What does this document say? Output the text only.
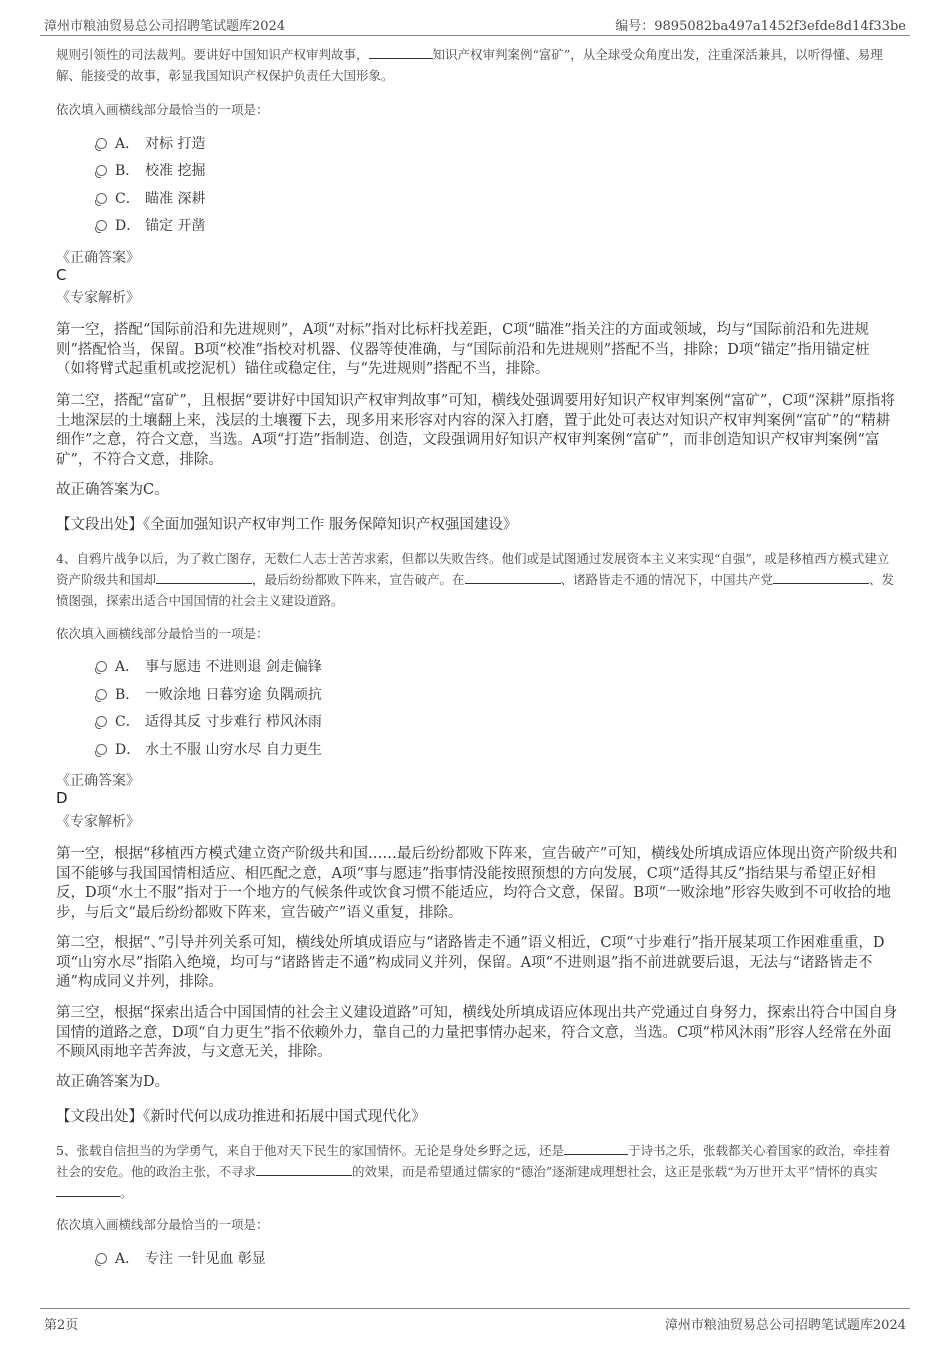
漳州市粮油贸易总公司招聘笔试题库2024	编号：9895082ba497a1452f3efde8d14f33be
规则引领性的司法裁判。要讲好中国知识产权审判故事，	知识产权审判案例“富矿”，从全球受众角度出发，注重深活兼具，以听得懂、易理解、能接受的故事，彰显我国知识产权保护负责任大国形象。
依次填入画横线部分最恰当的一项是：
A． 对标 打造
B． 校准 挖掘
C． 瞄准 深耕
D． 锚定 开凿
《正确答案》
C
《专家解析》
第一空，搭配“国际前沿和先进规则”，A项“对标”指对比标杆找差距，C项“瞄准”指关注的方面或领域，均与“国际前沿和先进规则”搭配恰当，保留。B项“校准”指校对机器、仪器等使准确，与“国际前沿和先进规则”搭配不当，排除；D项“锚定”指用锚定桩（如将臂式起重机或挖泥机）锚住或稳定住，与“先进规则”搭配不当，排除。
第二空，搭配“富矿”，且根据“要讲好中国知识产权审判故事”可知，横线处强调要用好知识产权审判案例“富矿”，C项“深耕”原指将土地深层的土壤翻上来，浅层的土壤覆下去，现多用来形容对内容的深入打磨，置于此处可表达对知识产权审判案例“富矿”的“精耕细作”之意，符合文意，当选。A项“打造”指制造、创造，文段强调用好知识产权审判案例“富矿”，而非创造知识产权审判案例“富矿”，不符合文意，排除。
故正确答案为C。
【文段出处】《全面加强知识产权审判工作 服务保障知识产权强国建设》
4、自鸦片战争以后，为了救亡图存，无数仁人志士苦苦求索，但都以失败告终。他们或是试图通过发展资本主义来实现“自强”，或是移植西方模式建立资产阶级共和国却	，最后纷纷都败下阵来，宣告破产。在	、诸路皆走不通的情况下，中国共产党	、发愤图强，探索出适合中国国情的社会主义建设道路。
依次填入画横线部分最恰当的一项是：
A． 事与愿违 不进则退 剑走偏锋
B． 一败涂地 日暮穷途 负隅顽抗
C． 适得其反 寸步难行 栉风沐雨
D． 水土不服 山穷水尽 自力更生
《正确答案》
D
《专家解析》
第一空，根据“移植西方模式建立资产阶级共和国……最后纷纷都败下阵来，宣告破产”可知，横线处所填成语应体现出资产阶级共和国不能够与我国国情相适应、相匹配之意，A项“事与愿违”指事情没能按照预想的方向发展，C项“适得其反”指结果与希望正好相反，D项“水土不服”指对于一个地方的气候条件或饮食习惯不能适应，均符合文意，保留。B项“一败涂地”形容失败到不可收拾的地步，与后文“最后纷纷都败下阵来，宣告破产”语义重复，排除。
第二空，根据“、”引导并列关系可知，横线处所填成语应与“诸路皆走不通”语义相近，C项“寸步难行”指开展某项工作困难重重，D项“山穷水尽”指陷入绝境，均可与“诸路皆走不通”构成同义并列，保留。A项“不进则退”指不前进就要后退，无法与“诸路皆走不通”构成同义并列，排除。
第三空，根据“探索出适合中国国情的社会主义建设道路”可知，横线处所填成语应体现出共产党通过自身努力，探索出符合中国自身国情的道路之意，D项“自力更生”指不依赖外力，靠自己的力量把事情办起来，符合文意，当选。C项“栉风沐雨”形容人经常在外面不顾风雨地辛苦奔波，与文意无关，排除。
故正确答案为D。
【文段出处】《新时代何以成功推进和拓展中国式现代化》
5、张载自信担当的为学勇气，来自于他对天下民生的家国情怀。无论是身处乡野之远，还是	于诗书之乐，张载都关心着国家的政治，牵挂着社会的安危。他的政治主张，不寻求	的效果，而是希望通过儒家的“德治”逐渐建成理想社会，这正是张载“为万世开太平”情怀的真实。
依次填入画横线部分最恰当的一项是：
A． 专注 一针见血 彰显
第2页	漳州市粮油贸易总公司招聘笔试题库2024
